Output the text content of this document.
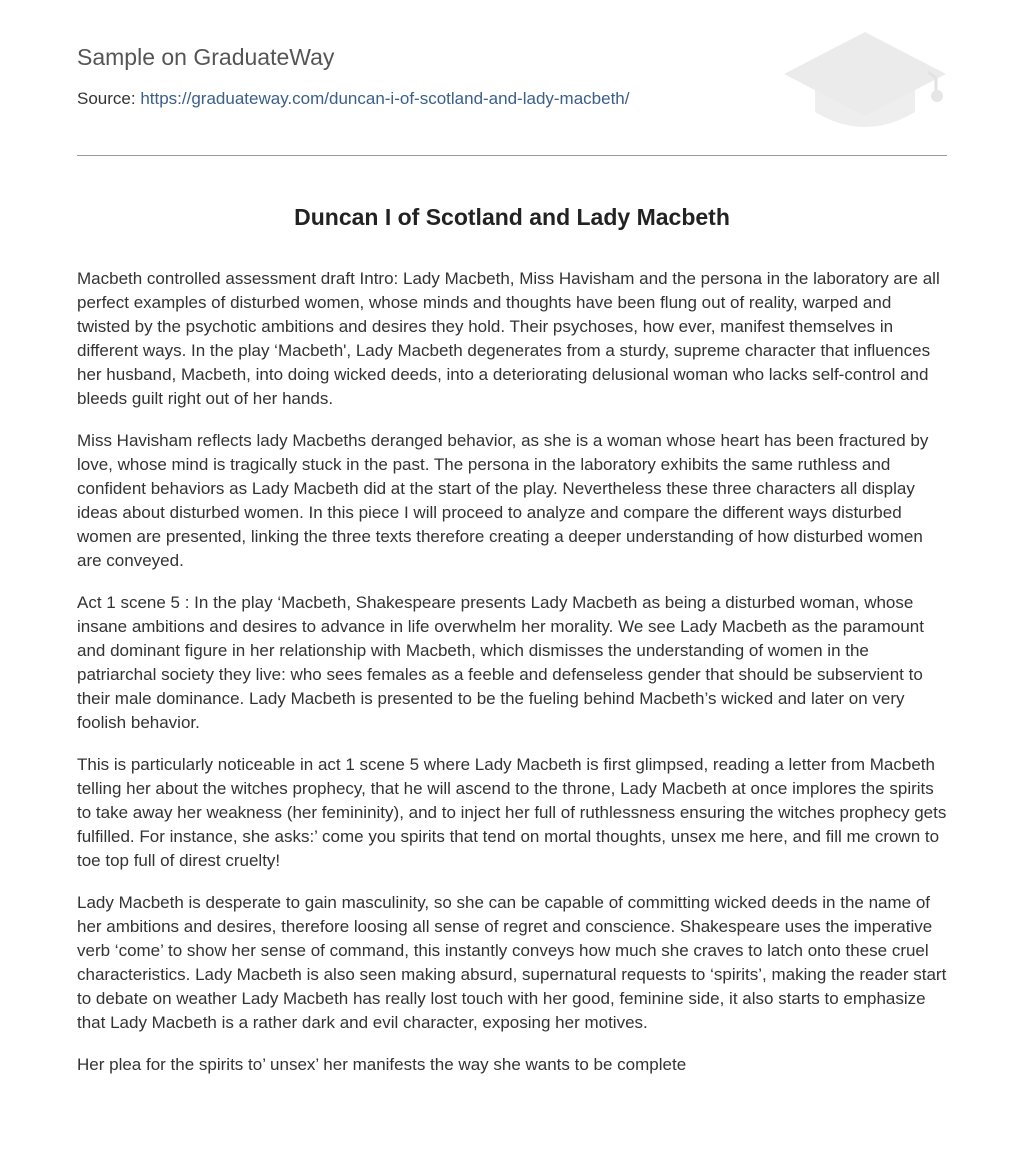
Sample on GraduateWay
Source: https://graduateway.com/duncan-i-of-scotland-and-lady-macbeth/
Duncan I of Scotland and Lady Macbeth

Macbeth controlled assessment draft Intro: Lady Macbeth, Miss Havisham and the persona in the laboratory are all perfect examples of disturbed women, whose minds and thoughts have been flung out of reality, warped and twisted by the psychotic ambitions and desires they hold. Their psychoses, how ever, manifest themselves in different ways. In the play ‘Macbeth', Lady Macbeth degenerates from a sturdy, supreme character that influences her husband, Macbeth, into doing wicked deeds, into a deteriorating delusional woman who lacks self-control and bleeds guilt right out of her hands.

Miss Havisham reflects lady Macbeths deranged behavior, as she is a woman whose heart has been fractured by love, whose mind is tragically stuck in the past. The persona in the laboratory exhibits the same ruthless and confident behaviors as Lady Macbeth did at the start of the play. Nevertheless these three characters all display ideas about disturbed women. In this piece I will proceed to analyze and compare the different ways disturbed women are presented, linking the three texts therefore creating a deeper understanding of how disturbed women are conveyed.

Act 1 scene 5 : In the play ‘Macbeth, Shakespeare presents Lady Macbeth as being a disturbed woman, whose insane ambitions and desires to advance in life overwhelm her morality. We see Lady Macbeth as the paramount and dominant figure in her relationship with Macbeth, which dismisses the understanding of women in the patriarchal society they live: who sees females as a feeble and defenseless gender that should be subservient to their male dominance. Lady Macbeth is presented to be the fueling behind Macbeth’s wicked and later on very foolish behavior.

This is particularly noticeable in act 1 scene 5 where Lady Macbeth is first glimpsed, reading a letter from Macbeth telling her about the witches prophecy, that he will ascend to the throne, Lady Macbeth at once implores the spirits to take away her weakness (her femininity), and to inject her full of ruthlessness ensuring the witches prophecy gets fulfilled. For instance, she asks:’ come you spirits that tend on mortal thoughts, unsex me here, and fill me crown to toe top full of direst cruelty!

Lady Macbeth is desperate to gain masculinity, so she can be capable of committing wicked deeds in the name of her ambitions and desires, therefore loosing all sense of regret and conscience. Shakespeare uses the imperative verb ‘come’ to show her sense of command, this instantly conveys how much she craves to latch onto these cruel characteristics. Lady Macbeth is also seen making absurd, supernatural requests to ‘spirits’, making the reader start to debate on weather Lady Macbeth has really lost touch with her good, feminine side, it also starts to emphasize that Lady Macbeth is a rather dark and evil character, exposing her motives.

Her plea for the spirits to’ unsex’ her manifests the way she wants to be complete
